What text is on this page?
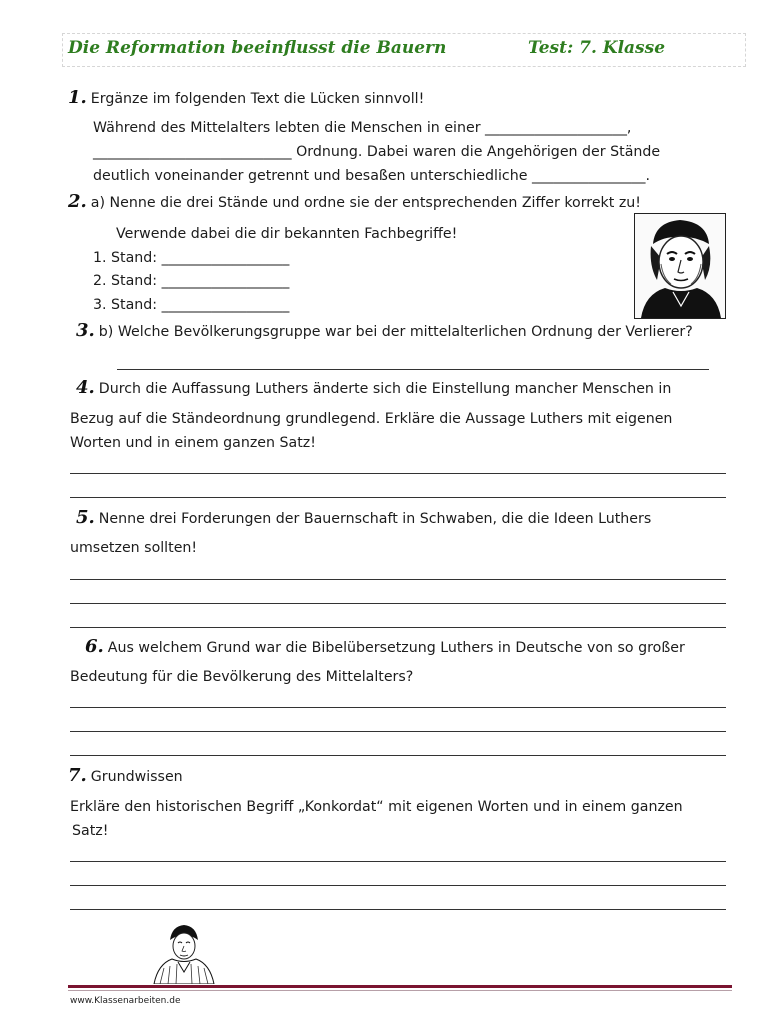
Die Reformation beeinflusst die Bauern	Test: 7. Klasse
1. Ergänze im folgenden Text die Lücken sinnvoll!
Während des Mittelalters lebten die Menschen in einer ____________________,
____________________________ Ordnung. Dabei waren die Angehörigen der Stände
deutlich voneinander getrennt und besaßen unterschiedliche ________________.
2. a) Nenne die drei Stände und ordne sie der entsprechenden Ziffer korrekt zu!
Verwende dabei die dir bekannten Fachbegriffe!
1. Stand: __________________
2. Stand: __________________
3. Stand: __________________
3. b) Welche Bevölkerungsgruppe war bei der mittelalterlichen Ordnung der Verlierer?
4. Durch die Auffassung Luthers änderte sich die Einstellung mancher Menschen in
Bezug auf die Ständeordnung grundlegend. Erkläre die Aussage Luthers mit eigenen
Worten und in einem ganzen Satz!
5. Nenne drei Forderungen der Bauernschaft in Schwaben, die die Ideen Luthers
umsetzen sollten!
6. Aus welchem Grund war die Bibelübersetzung Luthers in Deutsche von so großer
Bedeutung für die Bevölkerung des Mittelalters?
7. Grundwissen
Erkläre den historischen Begriff „Konkordat“ mit eigenen Worten und in einem ganzen
Satz!
www.Klassenarbeiten.de
